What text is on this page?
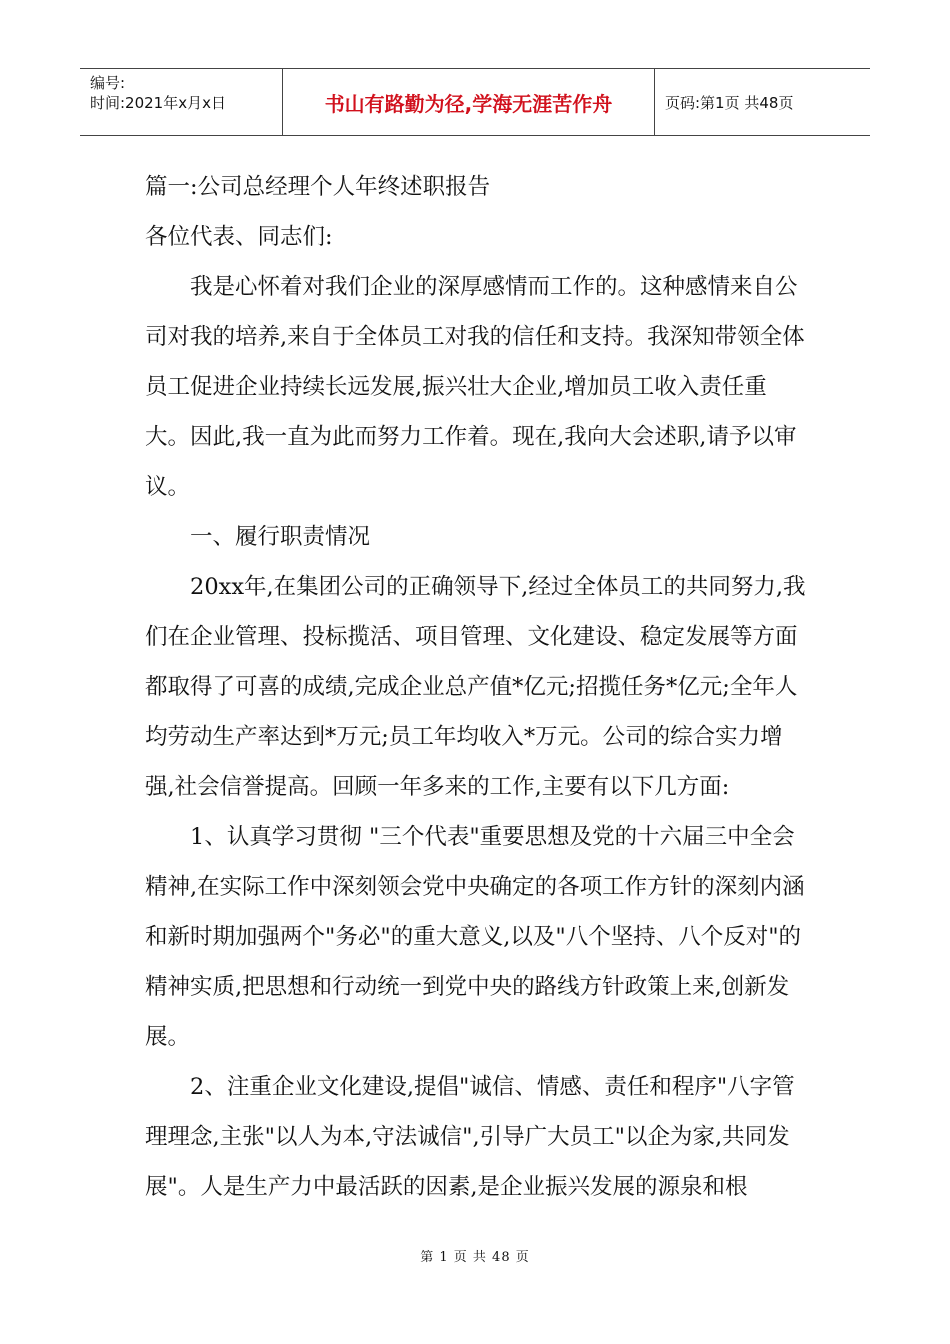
编号:
时间:2021年x月x日	书山有路勤为径,学海无涯苦作舟	页码:第1页 共48页

篇一:公司总经理个人年终述职报告

各位代表、同志们:

我是心怀着对我们企业的深厚感情而工作的。这种感情来自公司对我的培养,来自于全体员工对我的信任和支持。我深知带领全体员工促进企业持续长远发展,振兴壮大企业,增加员工收入责任重大。因此,我一直为此而努力工作着。现在,我向大会述职,请予以审议。

一、履行职责情况

20xx年,在集团公司的正确领导下,经过全体员工的共同努力,我们在企业管理、投标揽活、项目管理、文化建设、稳定发展等方面都取得了可喜的成绩,完成企业总产值*亿元;招揽任务*亿元;全年人均劳动生产率达到*万元;员工年均收入*万元。公司的综合实力增强,社会信誉提高。回顾一年多来的工作,主要有以下几方面:

1、认真学习贯彻 "三个代表"重要思想及党的十六届三中全会精神,在实际工作中深刻领会党中央确定的各项工作方针的深刻内涵和新时期加强两个"务必"的重大意义,以及"八个坚持、八个反对"的精神实质,把思想和行动统一到党中央的路线方针政策上来,创新发展。

2、注重企业文化建设,提倡"诚信、情感、责任和程序"八字管理理念,主张"以人为本,守法诚信",引导广大员工"以企为家,共同发展"。人是生产力中最活跃的因素,是企业振兴发展的源泉和根

第 1 页 共 48 页
